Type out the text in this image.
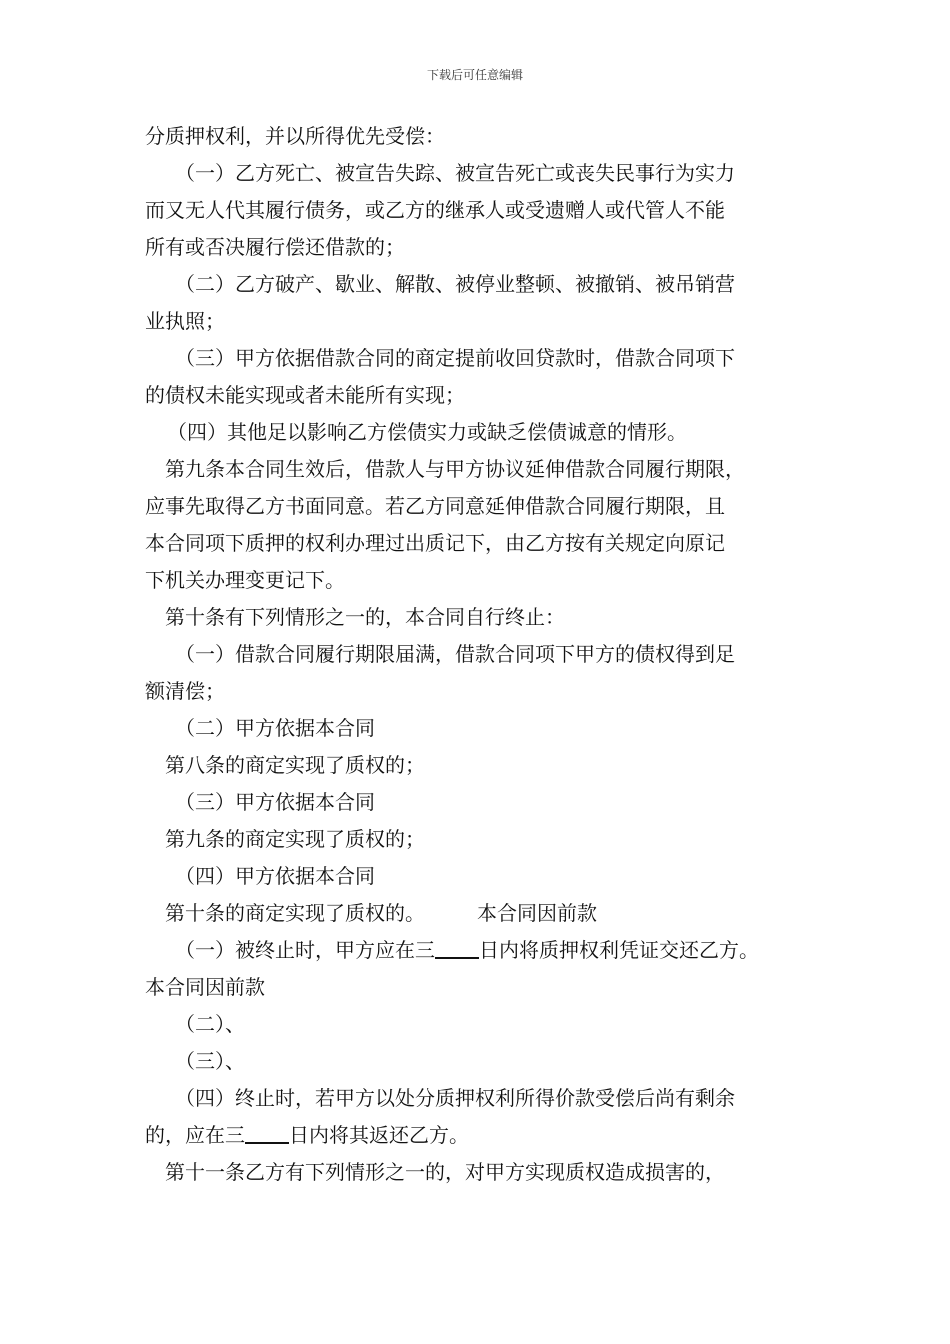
下载后可任意编辑
分质押权利，并以所得优先受偿：
（一）乙方死亡、被宣告失踪、被宣告死亡或丧失民事行为实力
而又无人代其履行债务，或乙方的继承人或受遗赠人或代管人不能
所有或否决履行偿还借款的；
（二）乙方破产、歇业、解散、被停业整顿、被撤销、被吊销营
业执照；
（三）甲方依据借款合同的商定提前收回贷款时，借款合同项下
的债权未能实现或者未能所有实现；
（四）其他足以影响乙方偿债实力或缺乏偿债诚意的情形。
第九条本合同生效后，借款人与甲方协议延伸借款合同履行期限，
应事先取得乙方书面同意。若乙方同意延伸借款合同履行期限，且
本合同项下质押的权利办理过出质记下，由乙方按有关规定向原记
下机关办理变更记下。
第十条有下列情形之一的，本合同自行终止：
（一）借款合同履行期限届满，借款合同项下甲方的债权得到足
额清偿；
（二）甲方依据本合同
第八条的商定实现了质权的；
（三）甲方依据本合同
第九条的商定实现了质权的；
（四）甲方依据本合同
第十条的商定实现了质权的。	本合同因前款
（一）被终止时，甲方应在三 日内将质押权利凭证交还乙方。
本合同因前款
（二）、
（三）、
（四）终止时，若甲方以处分质押权利所得价款受偿后尚有剩余
的，应在三 日内将其返还乙方。
第十一条乙方有下列情形之一的，对甲方实现质权造成损害的，
